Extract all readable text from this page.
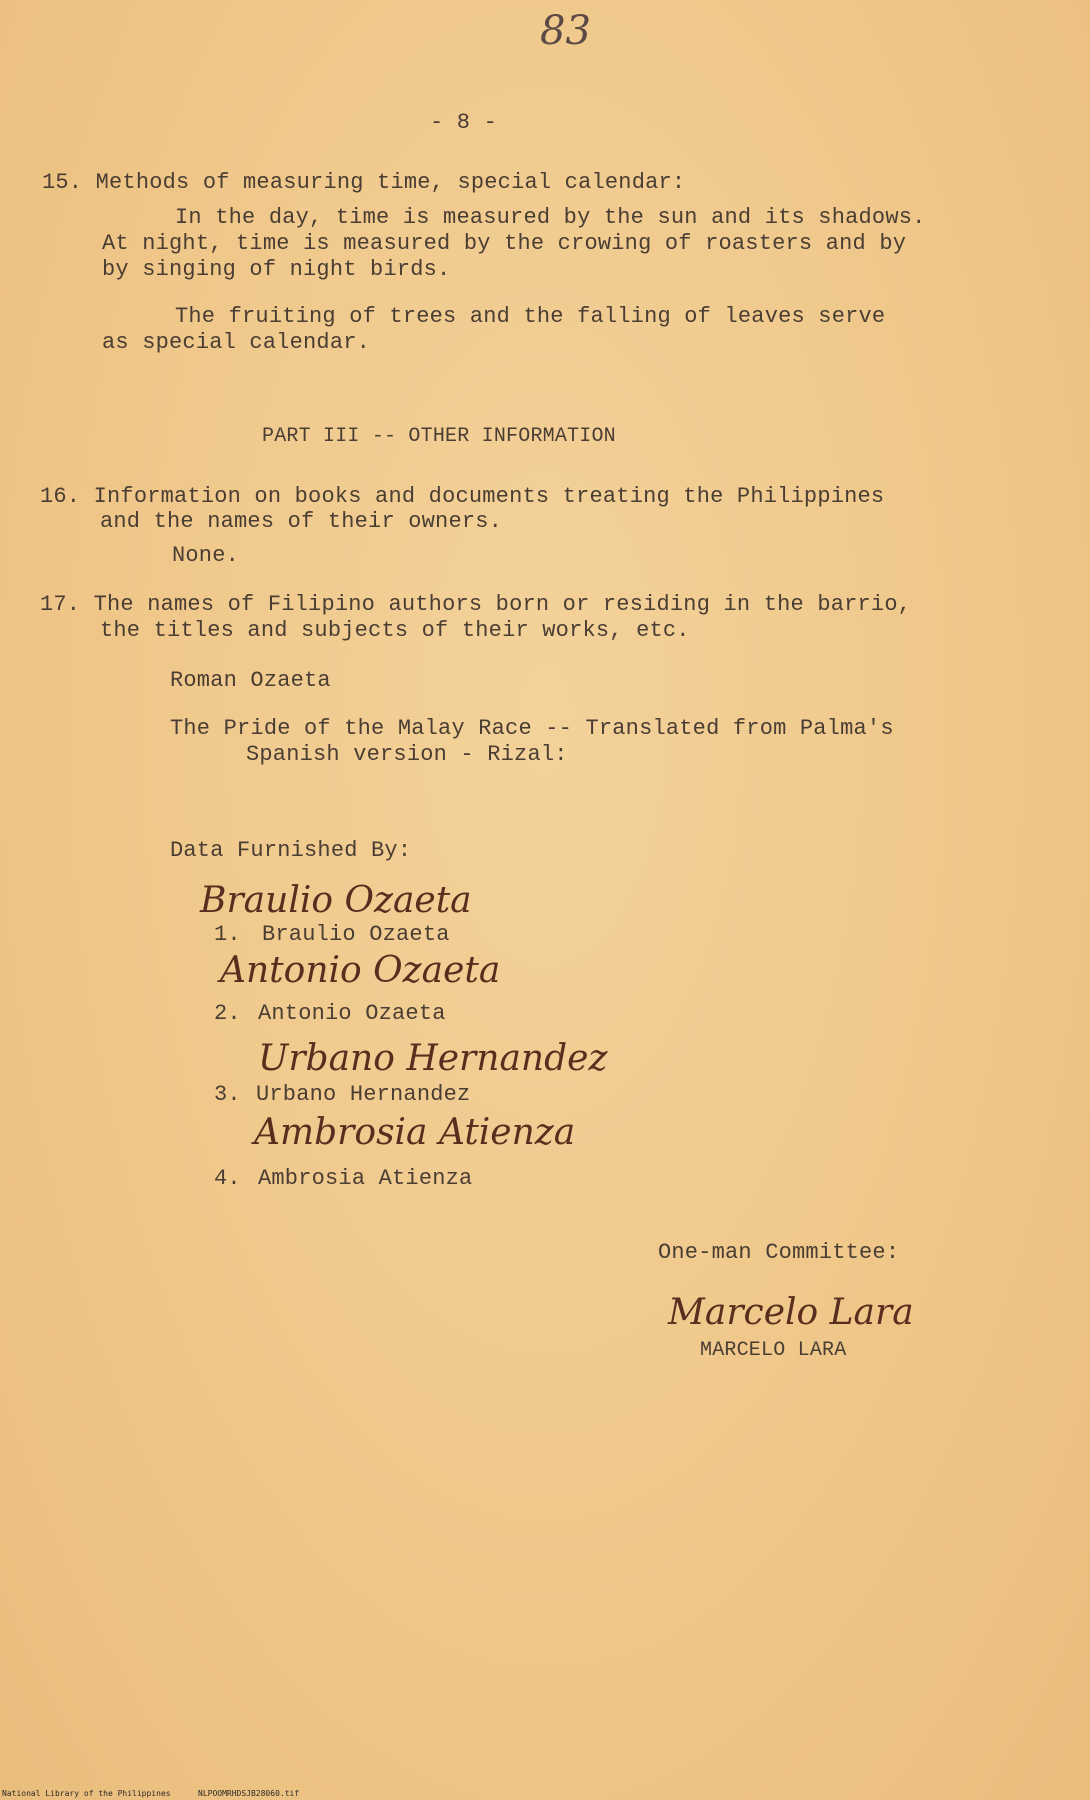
83
- 8 -
15. Methods of measuring time, special calendar:
In the day, time is measured by the sun and its shadows.
At night, time is measured by the crowing of roasters and by
by singing of night birds.
The fruiting of trees and the falling of leaves serve
as special calendar.
PART III -- OTHER INFORMATION
16. Information on books and documents treating the Philippines
and the names of their owners.
None.
17. The names of Filipino authors born or residing in the barrio,
the titles and subjects of their works, etc.
Roman Ozaeta
The Pride of the Malay Race -- Translated from Palma's
Spanish version - Rizal:
Data Furnished By:
Braulio Ozaeta
1. Braulio Ozaeta
Antonio Ozaeta
2. Antonio Ozaeta
Urbano Hernandez
3. Urbano Hernandez
Ambrosia Atienza
4. Ambrosia Atienza
One-man Committee:
Marcelo Lara
MARCELO LARA
National Library of the Philippines	NLPOOMRHDSJB28060.tif
